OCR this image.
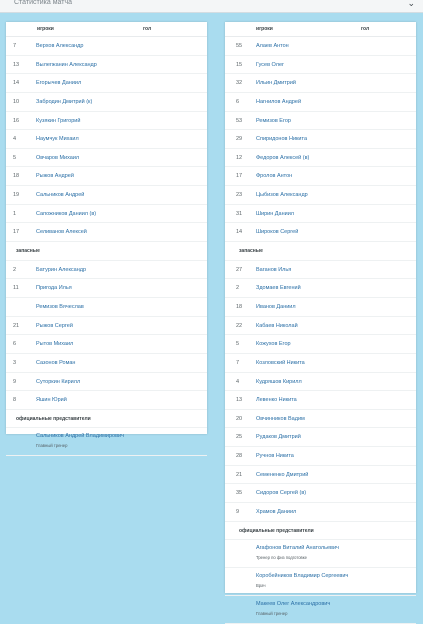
Статистика матча	⌄
игроки	гол
7	Верхов Александр
13	Вылегжанин Александр
14	Егорычев Даниил
10	Забродин Дмитрий (к)
16	Кузякин Григорий
4	Наумчук Михаил
5	Овчаров Михаил
18	Рыжов Андрей
19	Сальников Андрей
1	Сапожников Даниил (в)
17	Селиванов Алексей
запасные
2	Батурин Александр
11	Пригода Илья
Ремизов Вячеслав
21	Рыжов Сергей
6	Рытов Михаил
3	Сазонов Роман
9	Суторкин Кирилл
8	Яшин Юрий
официальные представители
Сальников Андрей Владимирович
Главный тренер
игроки	гол
55	Алаев Антон
15	Гусев Олег
32	Ильин Дмитрий
6	Нагнилов Андрей
53	Ремизов Егор
29	Спиридонов Никита
12	Федоров Алексей (в)
17	Фролов Антон
23	Цыбизов Александр
31	Ширин Даниил
14	Широков Сергей
запасные
27	Ваганов Илья
2	Здомаев Евгений
18	Иванов Даниил
22	Кабаев Николай
5	Кожухов Егор
7	Козловский Никита
4	Кудряшов Кирилл
13	Левенко Никита
20	Овчинников Вадим
25	Рудаков Дмитрий
28	Ручнов Никита
21	Семененко Дмитрий
35	Сидоров Сергей (в)
9	Храмов Даниил
официальные представители
Агафонов Виталий Анатольевич
Тренер по физ подготовке
Коробейников Владимир Сергеевич
Врач
Макеев Олег Александрович
Главный тренер
